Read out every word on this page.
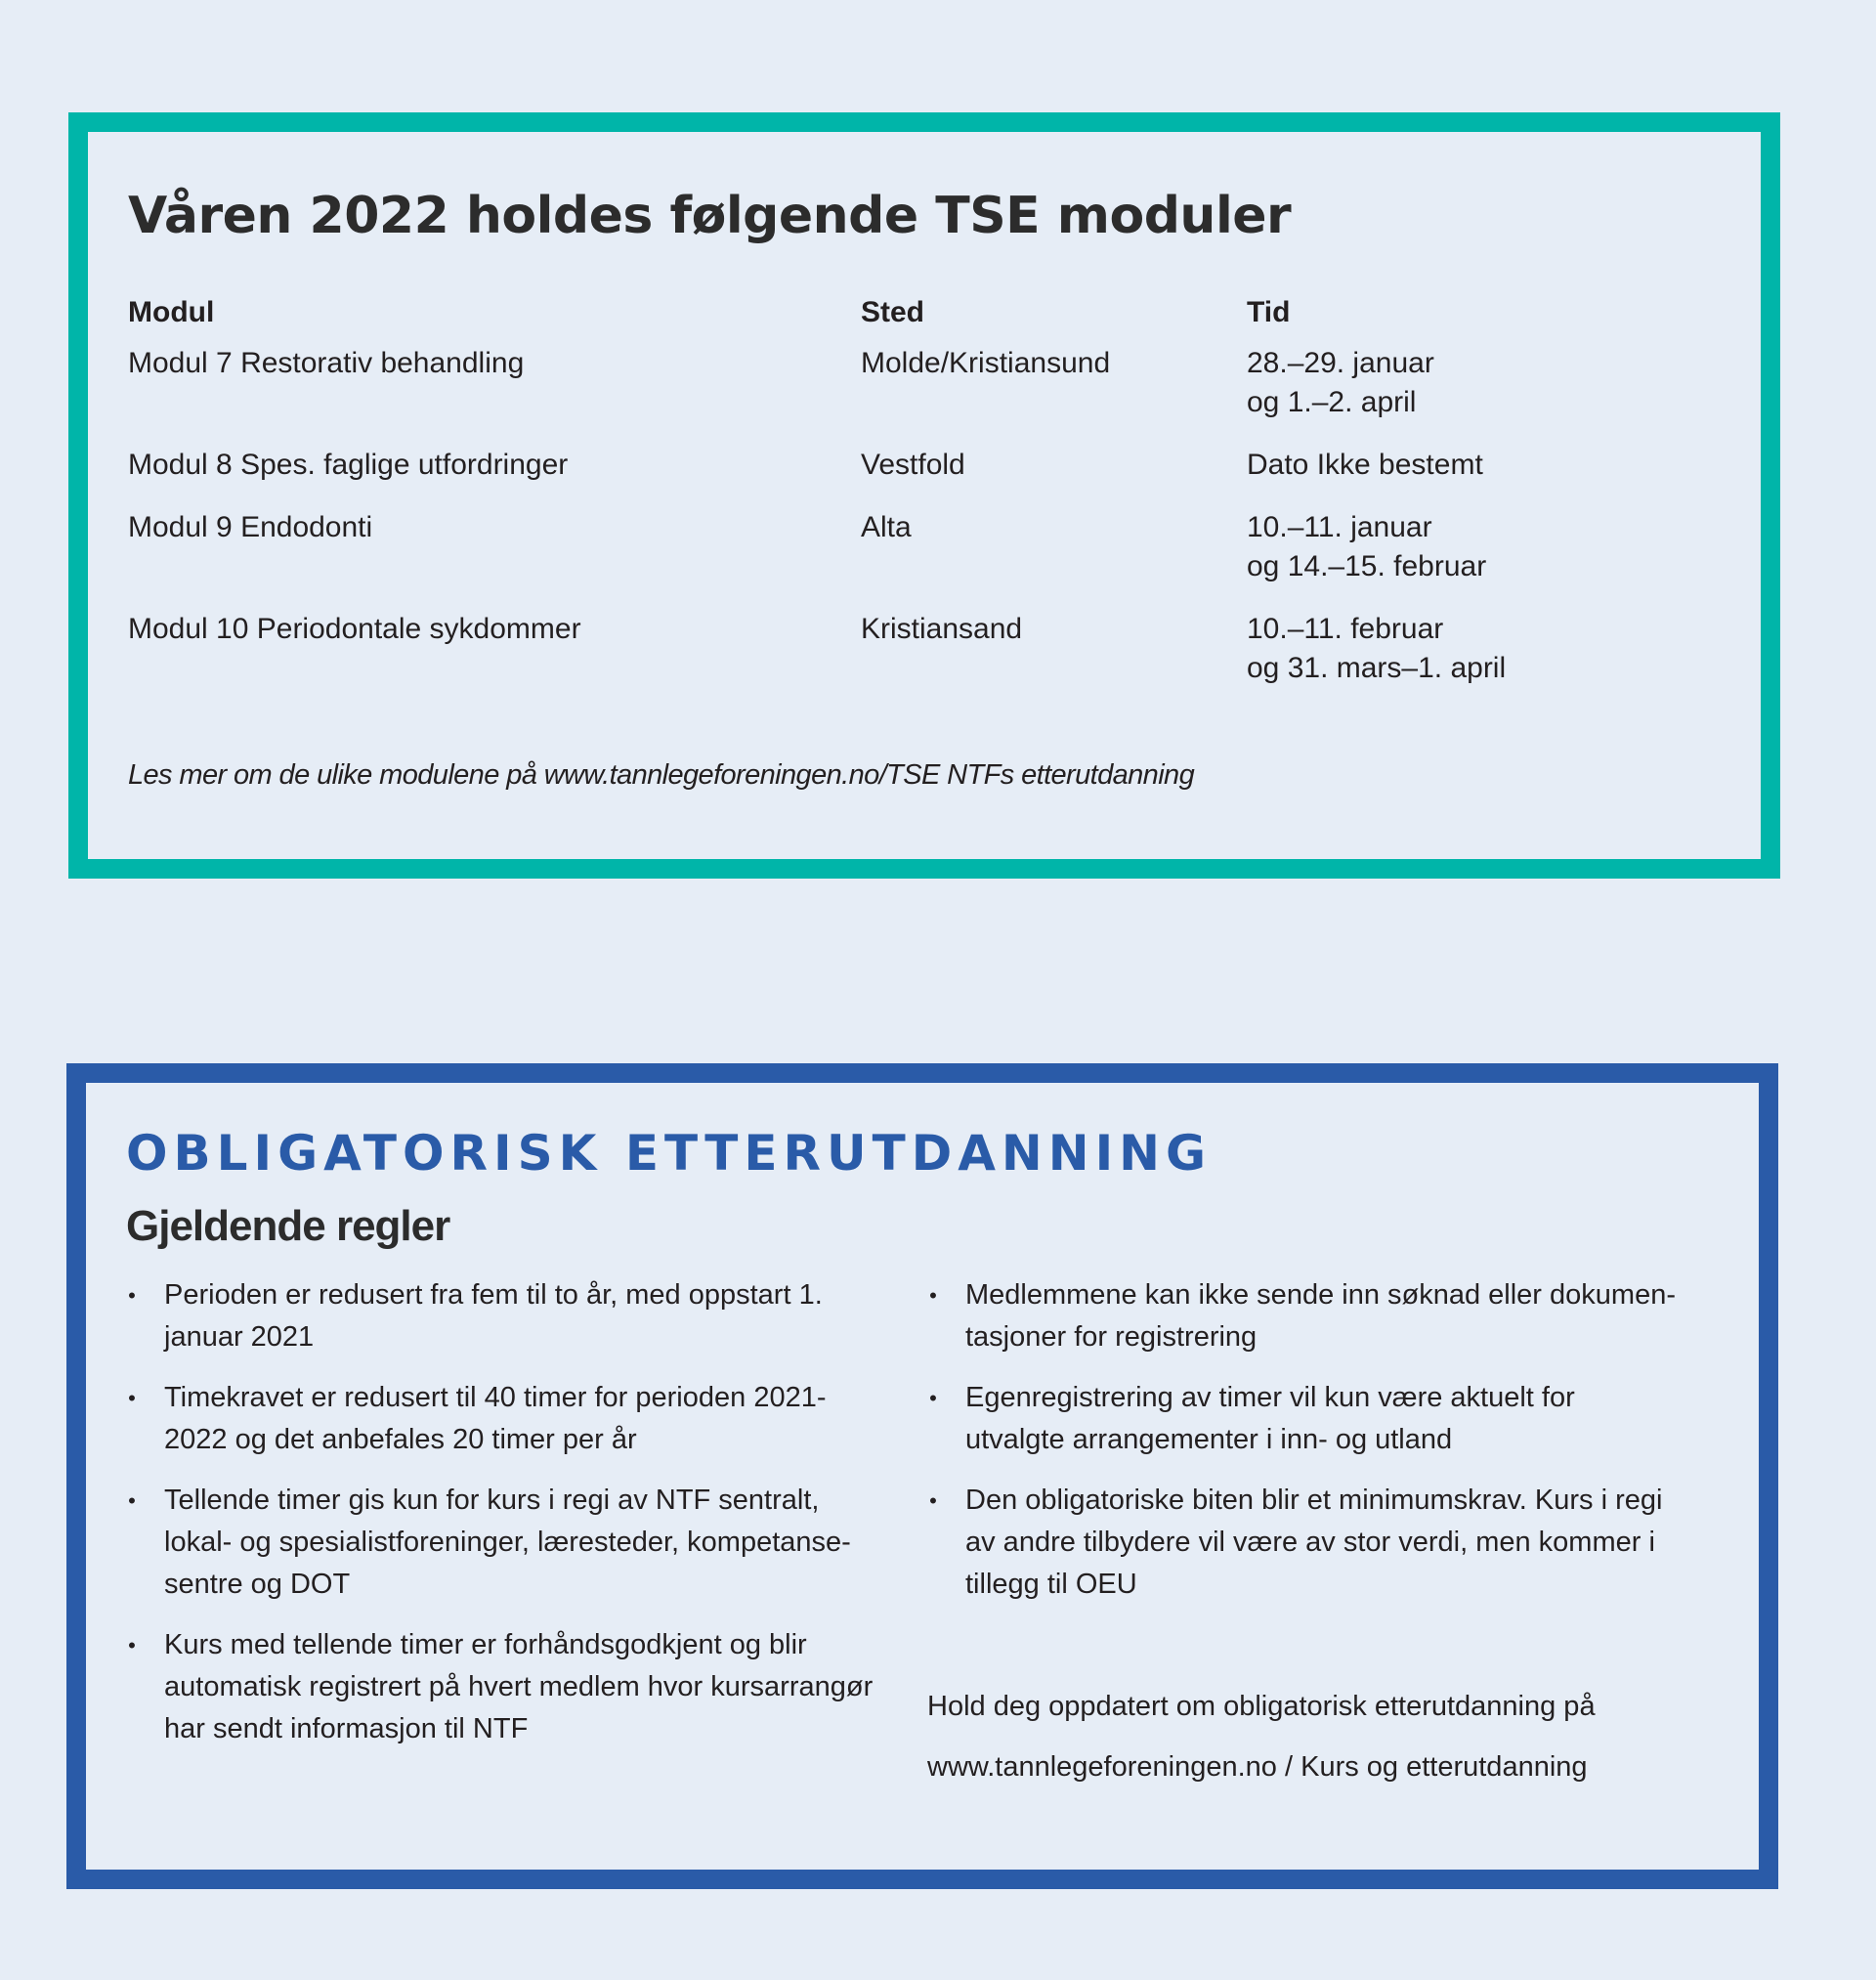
Våren 2022 holdes følgende TSE moduler
Modul	Sted	Tid
Modul 7 Restorativ behandling	Molde/Kristiansund	28.–29. januar
og 1.–2. april

Modul 8 Spes. faglige utfordringer	Vestfold	Dato Ikke bestemt

Modul 9 Endodonti	Alta	10.–11. januar
og 14.–15. februar

Modul 10 Periodontale sykdommer	Kristiansand	10.–11. februar
og 31. mars–1. april

Les mer om de ulike modulene på www.tannlegeforeningen.no/TSE NTFs etterutdanning

OBLIGATORISK ETTERUTDANNING
Gjeldende regler
• Perioden er redusert fra fem til to år, med oppstart 1.
januar 2021
• Timekravet er redusert til 40 timer for perioden 2021-
2022 og det anbefales 20 timer per år
• Tellende timer gis kun for kurs i regi av NTF sentralt,
lokal- og spesialistforeninger, læresteder, kompetanse-
sentre og DOT
• Kurs med tellende timer er forhåndsgodkjent og blir
automatisk registrert på hvert medlem hvor kursarrangør
har sendt informasjon til NTF
• Medlemmene kan ikke sende inn søknad eller dokumen-
tasjoner for registrering
• Egenregistrering av timer vil kun være aktuelt for
utvalgte arrangementer i inn- og utland
• Den obligatoriske biten blir et minimumskrav. Kurs i regi
av andre tilbydere vil være av stor verdi, men kommer i
tillegg til OEU

Hold deg oppdatert om obligatorisk etterutdanning på

www.tannlegeforeningen.no / Kurs og etterutdanning
